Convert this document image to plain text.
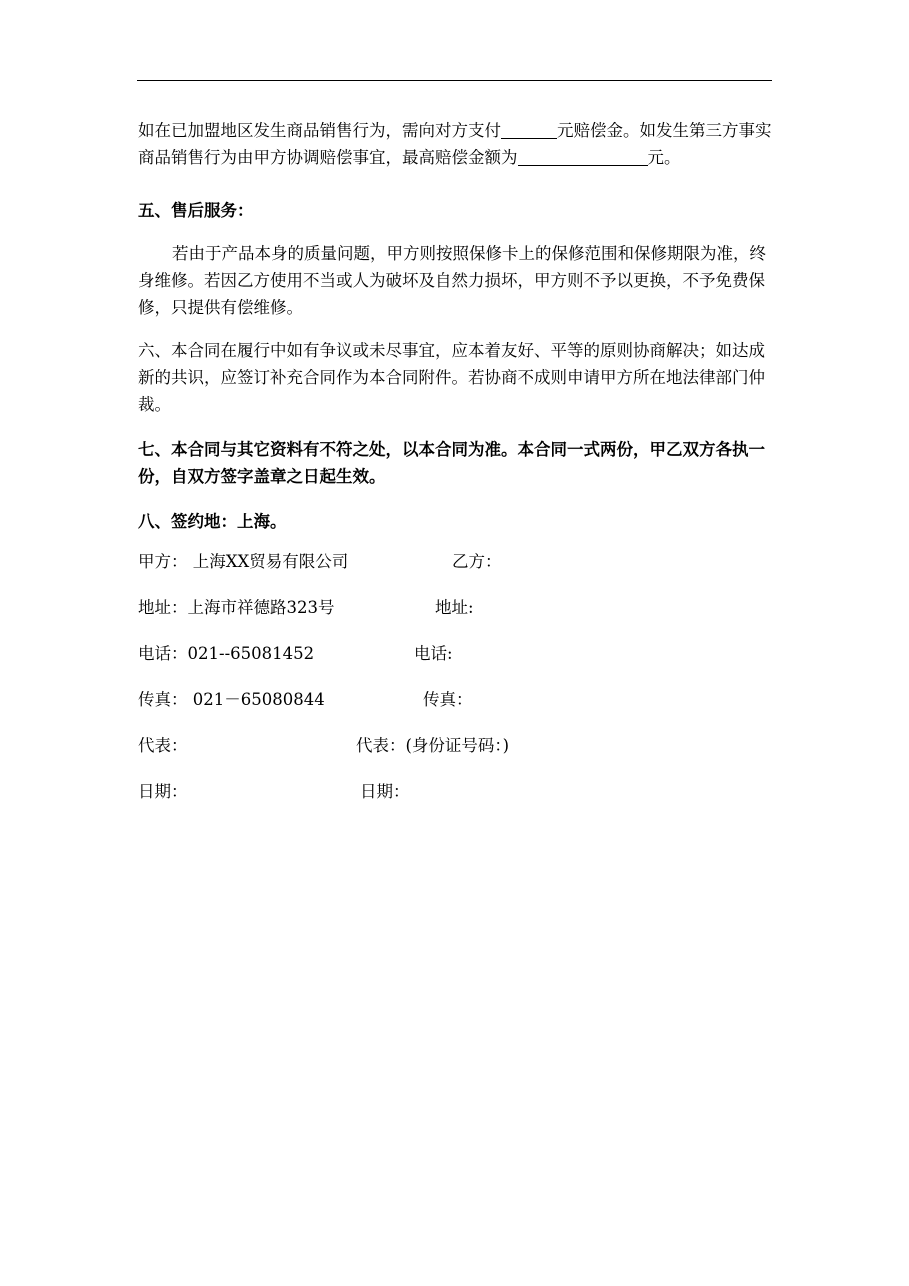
如在已加盟地区发生商品销售行为，需向对方支付	元赔偿金。如发生第三方事实商品销售行为由甲方协调赔偿事宜，最高赔偿金额为	元。

五、售后服务：

若由于产品本身的质量问题，甲方则按照保修卡上的保修范围和保修期限为准，终身维修。若因乙方使用不当或人为破坏及自然力损坏，甲方则不予以更换，不予免费保修，只提供有偿维修。

六、本合同在履行中如有争议或未尽事宜，应本着友好、平等的原则协商解决；如达成新的共识，应签订补充合同作为本合同附件。若协商不成则申请甲方所在地法律部门仲裁。

七、本合同与其它资料有不符之处，以本合同为准。本合同一式两份，甲乙双方各执一份，自双方签字盖章之日起生效。

八、签约地：上海。

甲方： 上海XX贸易有限公司	乙方：
地址：上海市祥德路323号	地址:
电话：021--65081452	电话:
传真： 021－65080844	传真：
代表：	代表：(身份证号码：)
日期：	日期：
